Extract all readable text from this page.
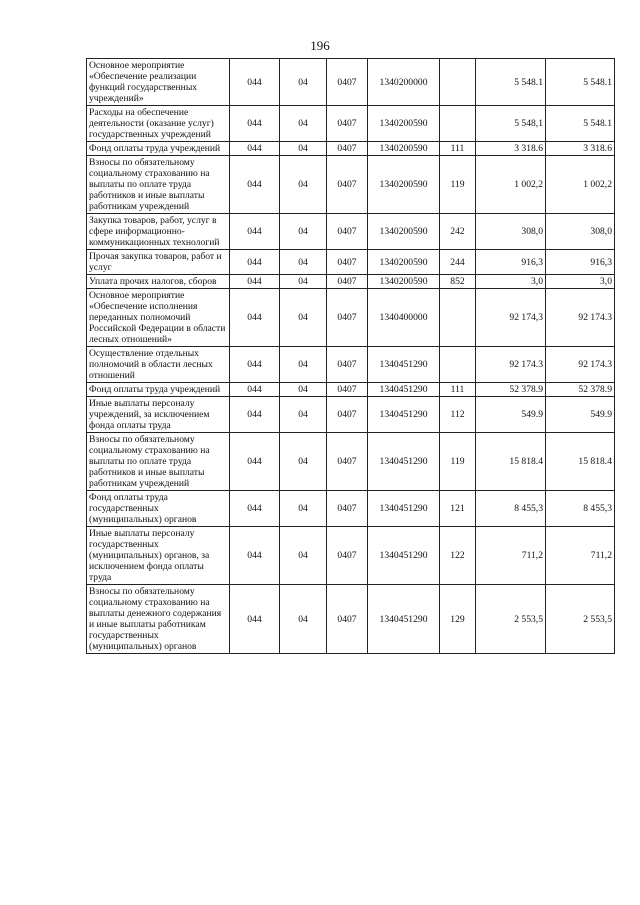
196
Основное мероприятие «Обеспечение реализации функций государственных учреждений»	044	04	0407	1340200000		5 548.1	5 548.1
Расходы на обеспечение деятельности (оказание услуг) государственных учреждений	044	04	0407	1340200590		5 548,1	5 548.1
Фонд оплаты труда учреждений	044	04	0407	1340200590	111	3 318.6	3 318.6
Взносы по обязательному социальному страхованию на выплаты по оплате труда работников и иные выплаты работникам учреждений	044	04	0407	1340200590	119	1 002,2	1 002,2
Закупка товаров, работ, услуг в сфере информационно-коммуникационных технологий	044	04	0407	1340200590	242	308,0	308,0
Прочая закупка товаров, работ и услуг	044	04	0407	1340200590	244	916,3	916,3
Уплата прочих налогов, сборов	044	04	0407	1340200590	852	3,0	3,0
Основное мероприятие «Обеспечение исполнения переданных полномочий Российской Федерации в области лесных отношений»	044	04	0407	1340400000		92 174,3	92 174.3
Осуществление отдельных полномочий в области лесных отношений	044	04	0407	1340451290		92 174.3	92 174.3
Фонд оплаты труда учреждений	044	04	0407	1340451290	111	52 378.9	52 378.9
Иные выплаты персоналу учреждений, за исключением фонда оплаты труда	044	04	0407	1340451290	112	549.9	549.9
Взносы по обязательному социальному страхованию на выплаты по оплате труда работников и иные выплаты работникам учреждений	044	04	0407	1340451290	119	15 818.4	15 818.4
Фонд оплаты труда государственных (муниципальных) органов	044	04	0407	1340451290	121	8 455,3	8 455,3
Иные выплаты персоналу государственных (муниципальных) органов, за исключением фонда оплаты труда	044	04	0407	1340451290	122	711,2	711,2
Взносы по обязательному социальному страхованию на выплаты денежного содержания и иные выплаты работникам государственных (муниципальных) органов	044	04	0407	1340451290	129	2 553,5	2 553,5
